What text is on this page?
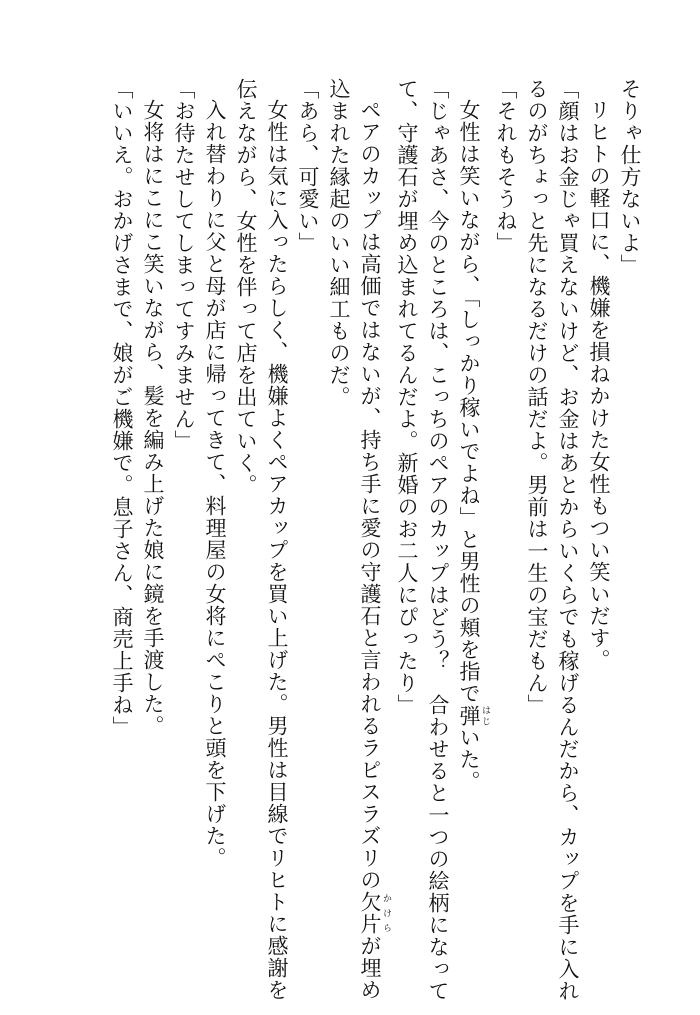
そりゃ仕方ないよ」
リヒトの軽口に、機嫌を損ねかけた女性もつい笑いだす。
「顔はお金じゃ買えないけど、お金はあとからいくらでも稼げるんだから、カップを手に入れ
るのがちょっと先になるだけの話だよ。男前は一生の宝だもん」
「それもそうね」
女性は笑いながら、「しっかり稼いでよね」と男性の頬を指で弾 はじいた。
「じゃあさ、今のところは、こっちのペアのカップはどう？　合わせると一つの絵柄になって
て、守護石が埋め込まれてるんだよ。新婚のお二人にぴったり」
ペアのカップは高価ではないが、持ち手に愛の守護石と言われるラピスラズリの欠片 かけらが埋め
込まれた縁起のいい細工ものだ。
「あら、可愛い」
女性は気に入ったらしく、機嫌よくペアカップを買い上げた。男性は目線でリヒトに感謝を
伝えながら、女性を伴って店を出ていく。
入れ替わりに父と母が店に帰ってきて、料理屋の女将にぺこりと頭を下げた。
「お待たせしてしまってすみません」
女将はにこにこ笑いながら、髪を編み上げた娘に鏡を手渡した。
「いいえ。おかげさまで、娘がご機嫌で。息子さん、商売上手ね」
